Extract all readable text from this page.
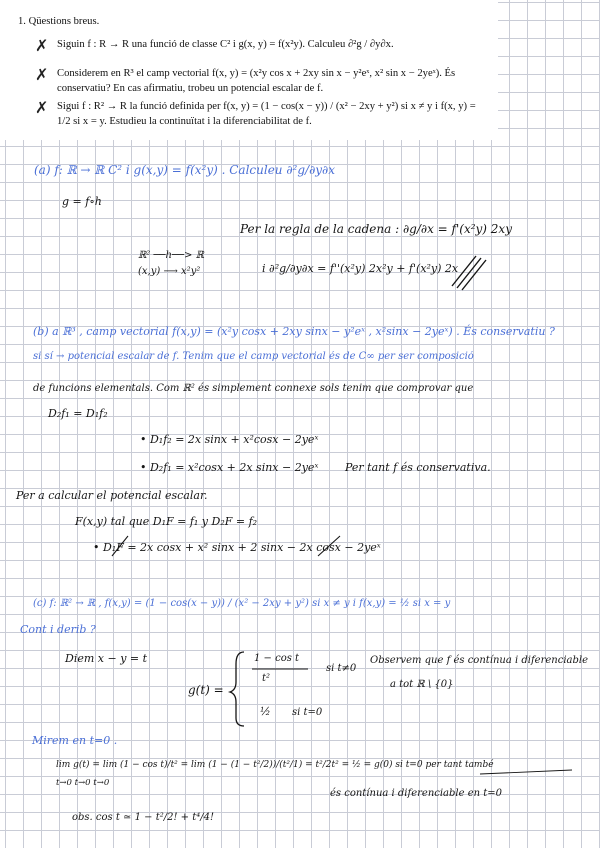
1. Qüestions breus.
✗ Siguin f : R → R una funció de classe C² i g(x, y) = f(x²y). Calculeu ∂²g / ∂y∂x.
✗ Considerem en R³ el camp vectorial f(x, y) = (x²y cos x + 2xy sin x − y²eˣ, x² sin x − 2yeˣ). És conservatiu? En cas afirmatiu, trobeu un potencial escalar de f.
✗ Sigui f : R² → R la funció definida per f(x, y) = (1 − cos(x − y)) / (x² − 2xy + y²) si x ≠ y i f(x, y) = 1/2 si x = y. Estudieu la continuïtat i la diferenciabilitat de f.
(a) f: ℝ → ℝ C² i g(x,y) = f(x²y) . Calculeu ∂²g/∂y∂x
g = f∘h
Per la regla de la cadena : ∂g/∂x = f'(x²y) 2xy
ℝ² ──h──> ℝ
(x,y) ⟶ x²y²	i ∂²g/∂y∂x = f''(x²y) 2x²y + f'(x²y) 2x
(b) a ℝ³ , camp vectorial f(x,y) = (x²y cosx + 2xy sinx − y²eˣ , x²sinx − 2yeˣ) . És conservatiu ?
si sí → potencial escalar de f. Tenim que el camp vectorial és de C∞ per ser composició
de funcions elementals. Com ℝ² és simplement connexe sols tenim que comprovar que
D₂f₁ = D₁f₂
• D₁f₂ = 2x sinx + x²cosx − 2yeˣ
• D₂f₁ = x²cosx + 2x sinx − 2yeˣ Per tant f és conservativa.
Per a calcular el potencial escalar.
F(x,y) tal que D₁F = f₁ y D₂F = f₂
• D₁F = 2x cosx + x² sinx + 2 sinx − 2x cosx − 2yeˣ
(c) f: ℝ² → ℝ , f(x,y) = (1 − cos(x − y)) / (x² − 2xy + y²) si x ≠ y i f(x,y) = ½ si x = y
Cont i derib ?
Diem x − y = t
g(t) =
1 − cos t
t²
si t≠0
½ si t=0
Observem que f és contínua i diferenciable
a tot ℝ \ {0}
Mirem en t=0 .
lim g(t) = lim (1 − cos t)/t² = lim (1 − (1 − t²/2))/(t²/1) = t²/2t² = ½ = g(0) si t=0 per tant també
t→0 t→0 t→0
és contínua i diferenciable en t=0
obs. cos t ≃ 1 − t²/2! + t⁴/4!
